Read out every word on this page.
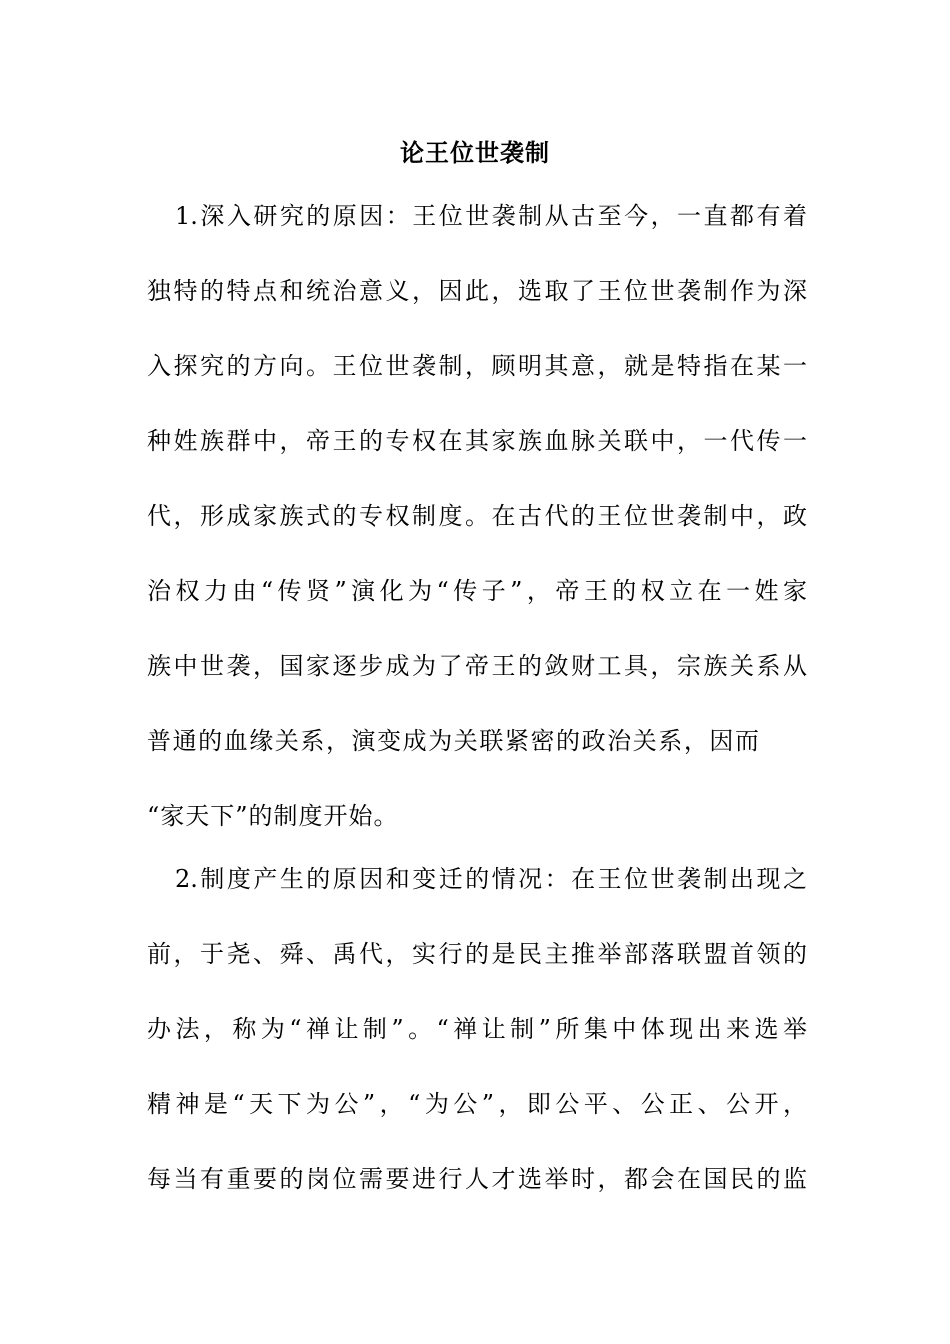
论王位世袭制
1.深入研究的原因：王位世袭制从古至今，一直都有着
独特的特点和统治意义，因此，选取了王位世袭制作为深
入探究的方向。王位世袭制，顾明其意，就是特指在某一
种姓族群中，帝王的专权在其家族血脉关联中，一代传一
代，形成家族式的专权制度。在古代的王位世袭制中，政
治权力由“传贤”演化为“传子”，帝王的权立在一姓家
族中世袭，国家逐步成为了帝王的敛财工具，宗族关系从
普通的血缘关系，演变成为关联紧密的政治关系，因而
“家天下”的制度开始。
2.制度产生的原因和变迁的情况：在王位世袭制出现之
前，于尧、舜、禹代，实行的是民主推举部落联盟首领的
办法，称为“禅让制”。“禅让制”所集中体现出来选举
精神是“天下为公”，“为公”，即公平、公正、公开，
每当有重要的岗位需要进行人才选举时，都会在国民的监
